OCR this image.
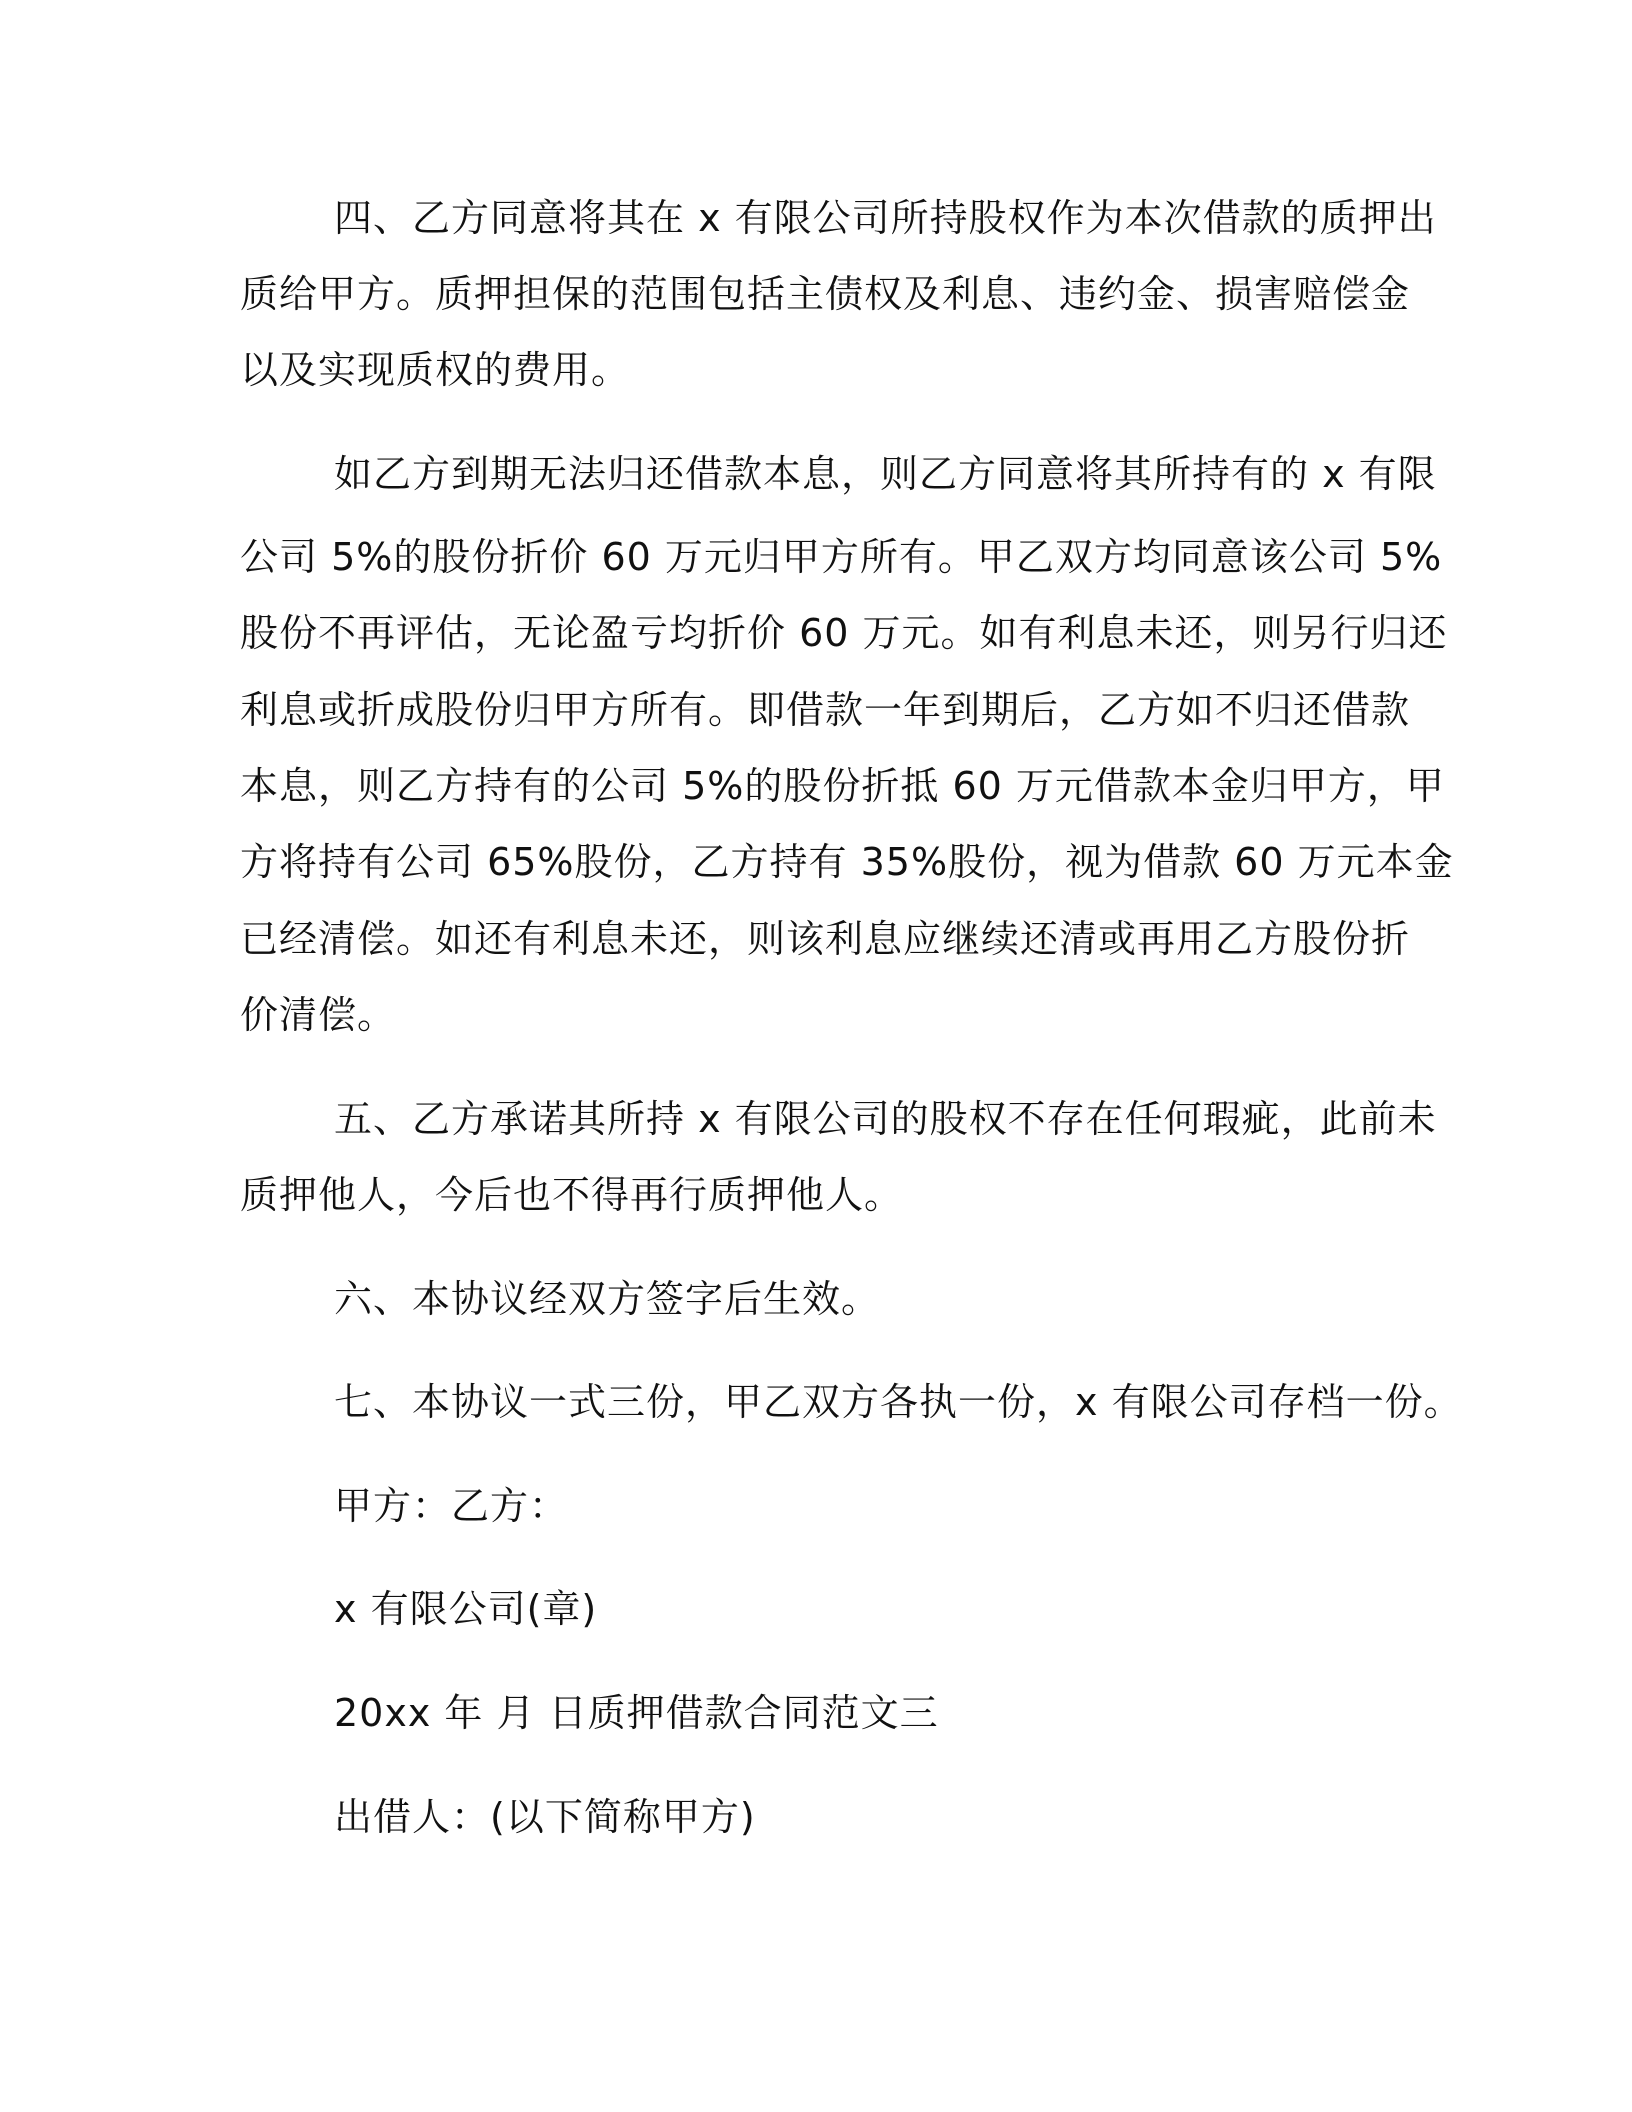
四、乙方同意将其在 x 有限公司所持股权作为本次借款的质押出
质给甲方。质押担保的范围包括主债权及利息、违约金、损害赔偿金
以及实现质权的费用。
如乙方到期无法归还借款本息，则乙方同意将其所持有的 x 有限
公司 5%的股份折价 60 万元归甲方所有。甲乙双方均同意该公司 5%
股份不再评估，无论盈亏均折价 60 万元。如有利息未还，则另行归还
利息或折成股份归甲方所有。即借款一年到期后，乙方如不归还借款
本息，则乙方持有的公司 5%的股份折抵 60 万元借款本金归甲方，甲
方将持有公司 65%股份，乙方持有 35%股份，视为借款 60 万元本金
已经清偿。如还有利息未还，则该利息应继续还清或再用乙方股份折
价清偿。
五、乙方承诺其所持 x 有限公司的股权不存在任何瑕疵，此前未
质押他人，今后也不得再行质押他人。
六、本协议经双方签字后生效。
七、本协议一式三份，甲乙双方各执一份，x 有限公司存档一份。
甲方：乙方：
x 有限公司(章)
20xx 年 月 日质押借款合同范文三
出借人：(以下简称甲方)
